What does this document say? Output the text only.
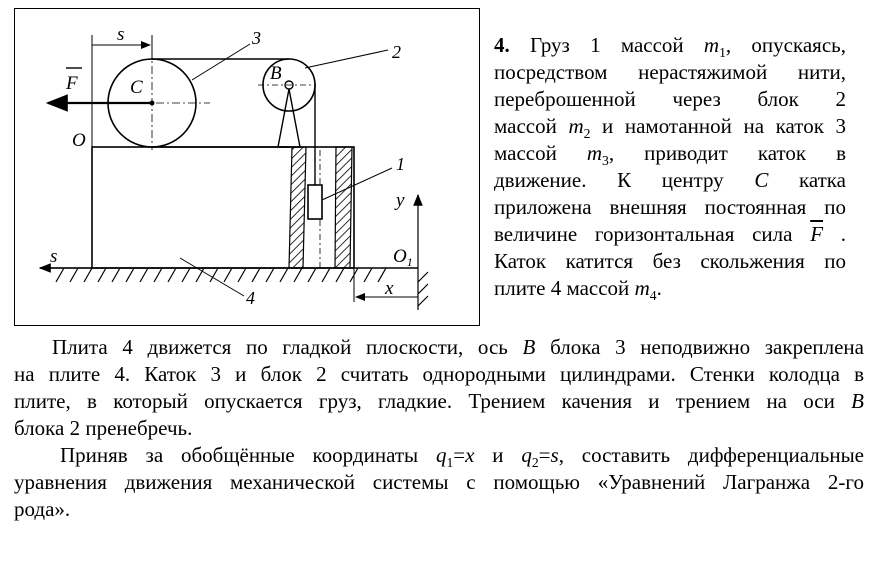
s	3
2
F	C
B
O
1
y
s	$O_1$
x
4
4. Груз 1 массой $m_1$, опускаясь,
посредством нерастяжимой нити,
переброшенной через блок 2
массой $m_2$ и намотанной на каток 3
массой $m_3$, приводит каток в
движение. К центру C катка
приложена внешняя постоянная по
величине горизонтальная сила $\overline{F}$ .
Каток катится без скольжения по
плите 4 массой $m_4$.
Плита 4 движется по гладкой плоскости, ось B блока 3 неподвижно закреплена
на плите 4. Каток 3 и блок 2 считать однородными цилиндрами. Стенки колодца в
плите, в который опускается груз, гладкие. Трением качения и трением на оси B
блока 2 пренебречь.
Приняв за обобщённые координаты $q_1=x$ и $q_2=s$, составить дифференциальные
уравнения движения механической системы с помощью «Уравнений Лагранжа 2-го
рода».
